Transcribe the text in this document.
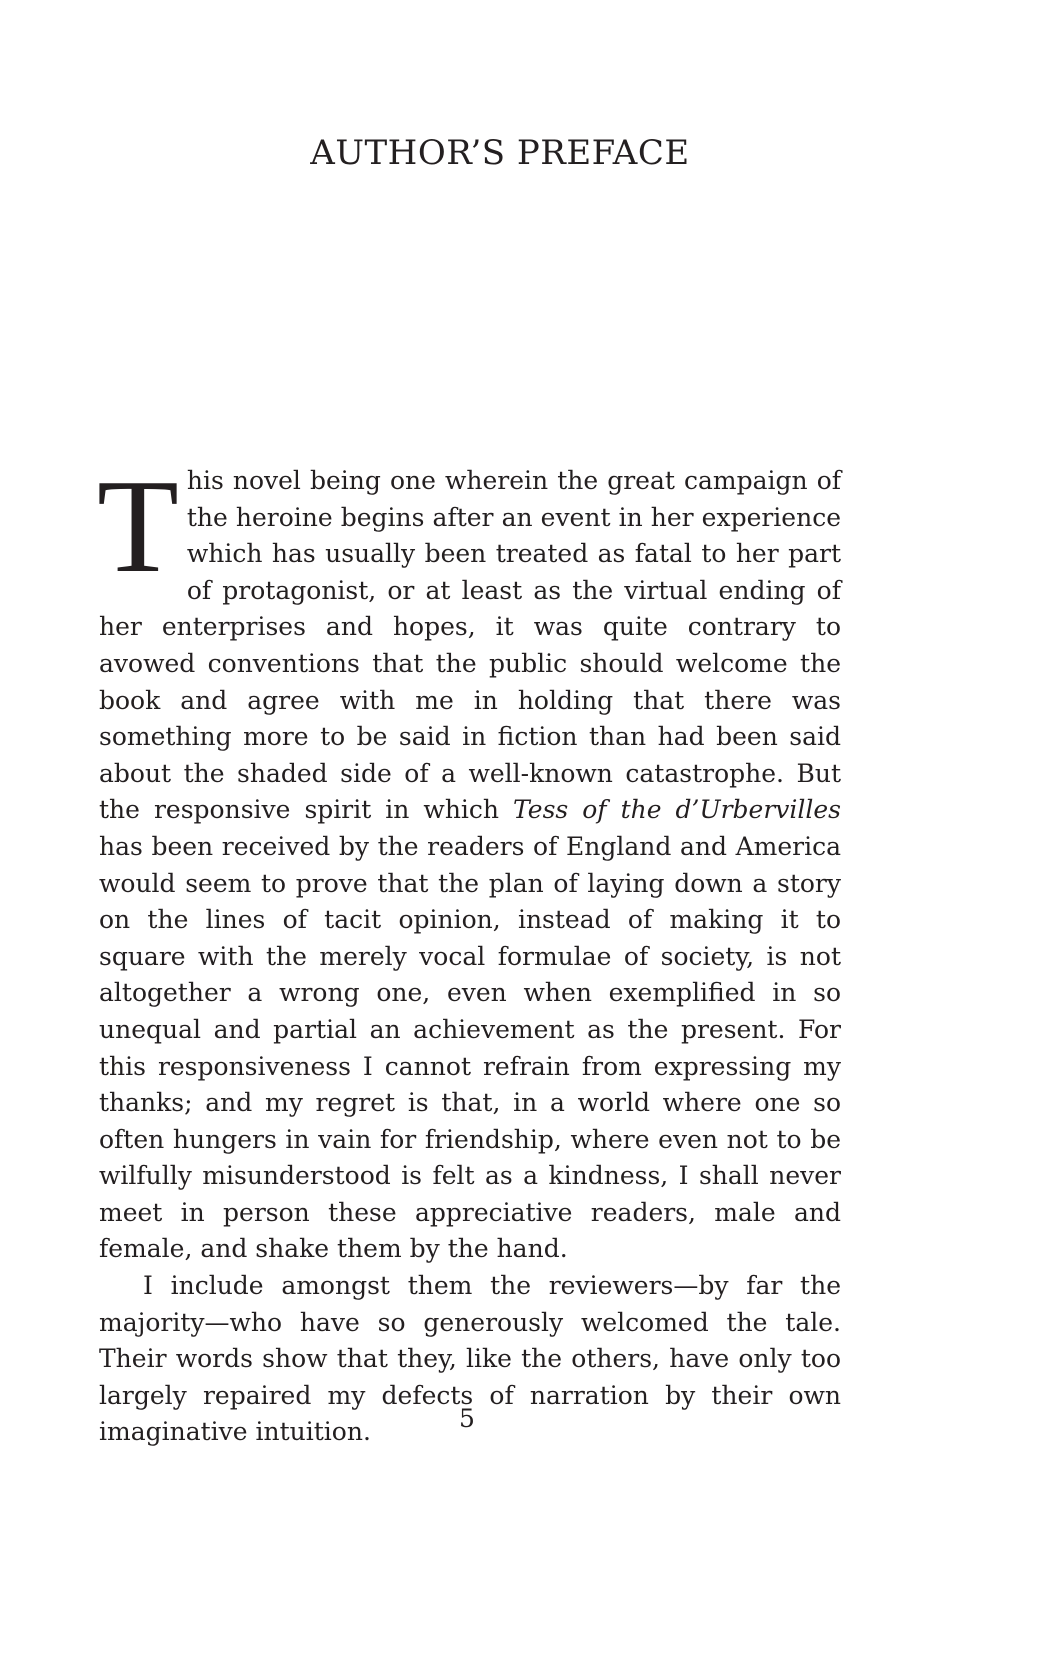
AUTHOR’S PREFACE

This novel being one wherein the great campaign of the heroine begins after an event in her experience which has usually been treated as fatal to her part of protagonist, or at least as the virtual ending of her enterprises and hopes, it was quite contrary to avowed conventions that the public should welcome the book and agree with me in holding that there was something more to be said in fiction than had been said about the shaded side of a well-known catastrophe. But the responsive spirit in which Tess of the d’Urbervilles has been received by the readers of England and America would seem to prove that the plan of laying down a story on the lines of tacit opinion, instead of making it to square with the merely vocal formulae of society, is not altogether a wrong one, even when exemplified in so unequal and partial an achievement as the present. For this responsiveness I cannot refrain from expressing my thanks; and my regret is that, in a world where one so often hungers in vain for friendship, where even not to be wilfully misunderstood is felt as a kindness, I shall never meet in person these appreciative readers, male and female, and shake them by the hand.

I include amongst them the reviewers—by far the majority—who have so generously welcomed the tale. Their words show that they, like the others, have only too largely repaired my defects of narration by their own imaginative intuition.	5
